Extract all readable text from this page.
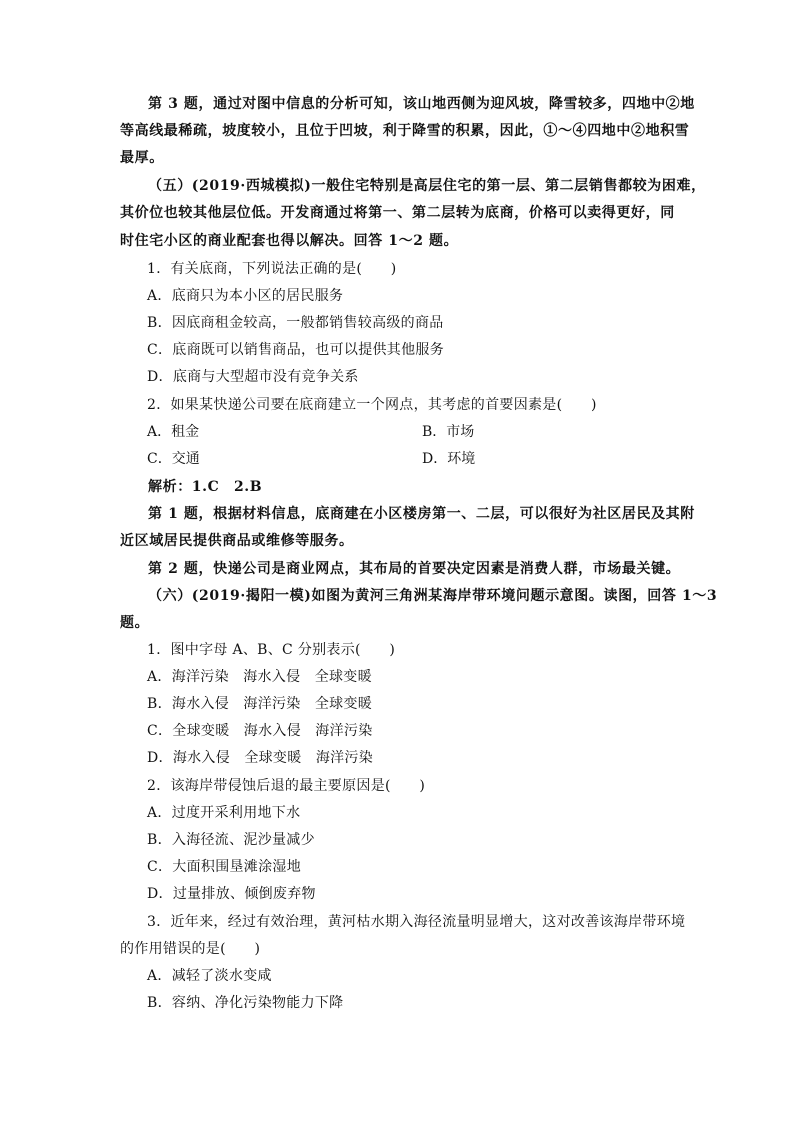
第 3 题，通过对图中信息的分析可知，该山地西侧为迎风坡，降雪较多，四地中②地
等高线最稀疏，坡度较小，且位于凹坡，利于降雪的积累，因此，①～④四地中②地积雪
最厚。
（五）(2019·西城模拟)一般住宅特别是高层住宅的第一层、第二层销售都较为困难，
其价位也较其他层位低。开发商通过将第一、第二层转为底商，价格可以卖得更好，同
时住宅小区的商业配套也得以解决。回答 1～2 题。
1．有关底商，下列说法正确的是(　　)
A．底商只为本小区的居民服务
B．因底商租金较高，一般都销售较高级的商品
C．底商既可以销售商品，也可以提供其他服务
D．底商与大型超市没有竞争关系
2．如果某快递公司要在底商建立一个网点，其考虑的首要因素是(　　)
A．租金	B．市场
C．交通	D．环境
解析：1.C　2.B
第 1 题，根据材料信息，底商建在小区楼房第一、二层，可以很好为社区居民及其附
近区域居民提供商品或维修等服务。
第 2 题，快递公司是商业网点，其布局的首要决定因素是消费人群，市场最关键。
（六）(2019·揭阳一模)如图为黄河三角洲某海岸带环境问题示意图。读图，回答 1～3
题。
1．图中字母 A、B、C 分别表示(　　)
A．海洋污染　海水入侵　全球变暖
B．海水入侵　海洋污染　全球变暖
C．全球变暖　海水入侵　海洋污染
D．海水入侵　全球变暖　海洋污染
2．该海岸带侵蚀后退的最主要原因是(　　)
A．过度开采利用地下水
B．入海径流、泥沙量减少
C．大面积围垦滩涂湿地
D．过量排放、倾倒废弃物
3．近年来，经过有效治理，黄河枯水期入海径流量明显增大，这对改善该海岸带环境
的作用错误的是(　　)
A．减轻了淡水变咸
B．容纳、净化污染物能力下降
